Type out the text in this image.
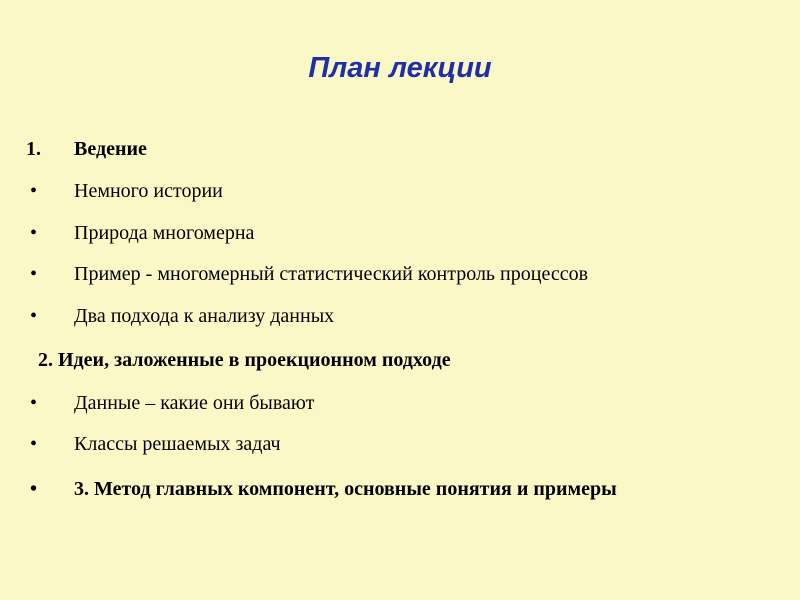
План лекции
1. Ведение
• Немного истории
• Природа многомерна
• Пример - многомерный статистический контроль процессов
• Два подхода к анализу данных
2. Идеи, заложенные в проекционном подходе
• Данные – какие они бывают
• Классы решаемых задач
• 3. Метод главных компонент, основные понятия и примеры
